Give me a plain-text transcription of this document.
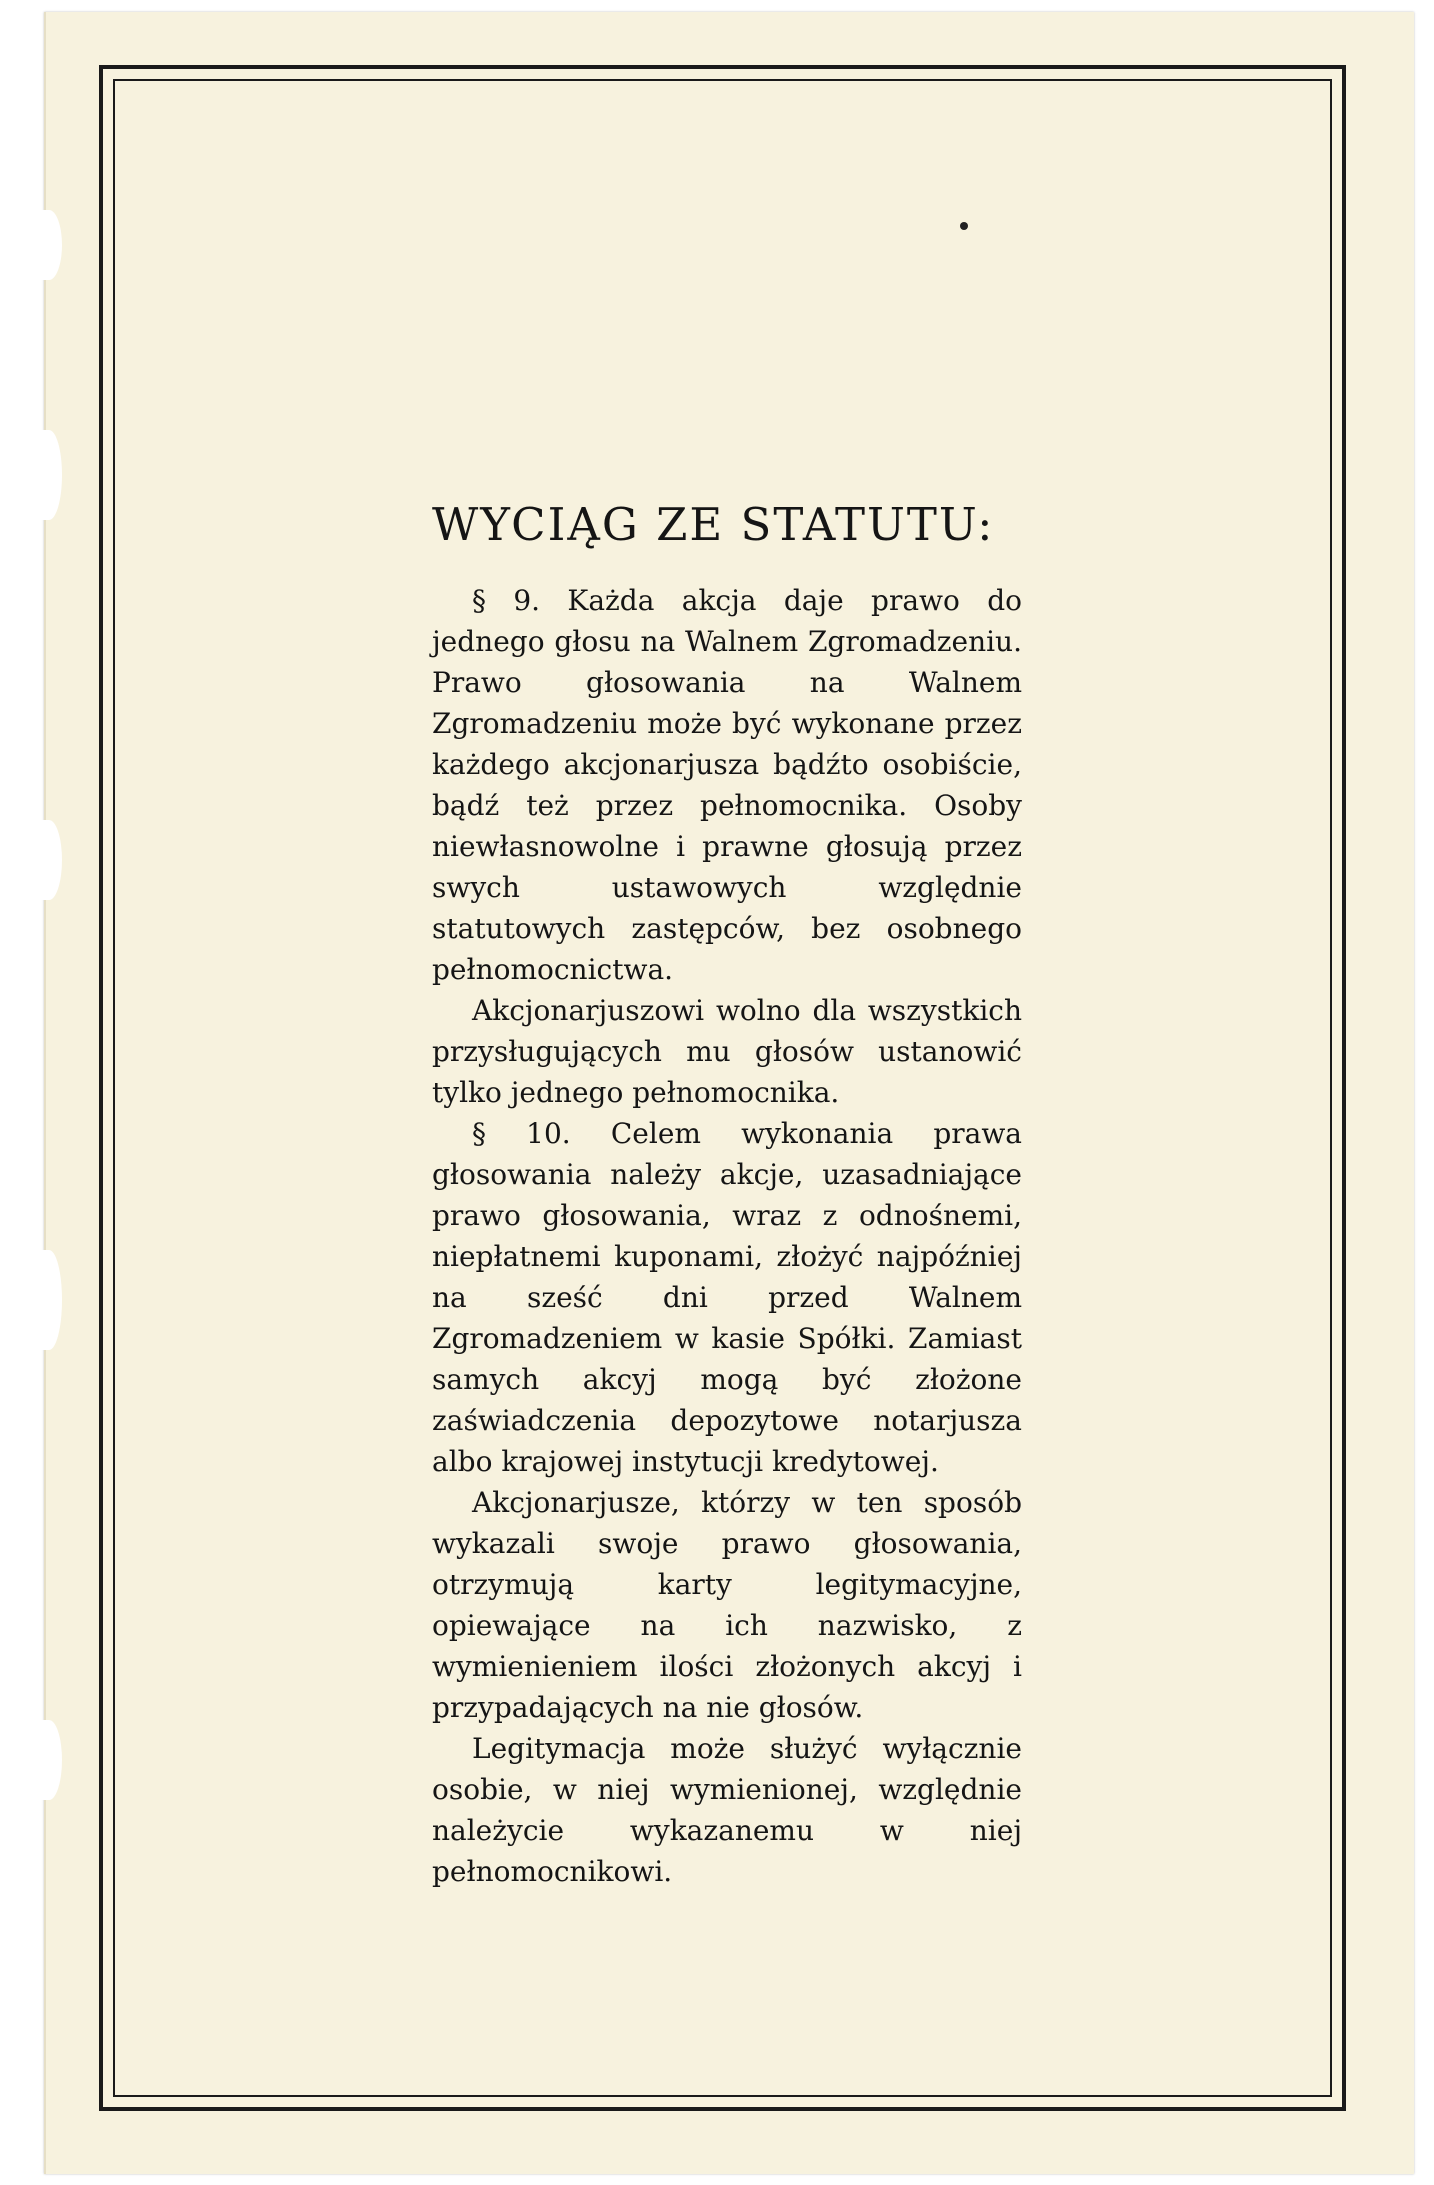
WYCIĄG ZE STATUTU:

§ 9. Każda akcja daje prawo do jednego głosu na Walnem Zgromadzeniu. Prawo głosowania na Walnem Zgromadzeniu może być wykonane przez każdego akcjonarjusza bądźto osobiście, bądź też przez pełnomocnika. Osoby niewłasnowolne i prawne głosują przez swych ustawowych względnie statutowych zastępców, bez osobnego pełnomocnictwa.

Akcjonarjuszowi wolno dla wszystkich przysługujących mu głosów ustanowić tylko jednego pełnomocnika.

§ 10. Celem wykonania prawa głosowania należy akcje, uzasadniające prawo głosowania, wraz z odnośnemi, niepłatnemi kuponami, złożyć najpóźniej na sześć dni przed Walnem Zgromadzeniem w kasie Spółki. Zamiast samych akcyj mogą być złożone zaświadczenia depozytowe notarjusza albo krajowej instytucji kredytowej.

Akcjonarjusze, którzy w ten sposób wykazali swoje prawo głosowania, otrzymują karty legitymacyjne, opiewające na ich nazwisko, z wymienieniem ilości złożonych akcyj i przypadających na nie głosów.

Legitymacja może służyć wyłącznie osobie, w niej wymienionej, względnie należycie wykazanemu w niej pełnomocnikowi.
